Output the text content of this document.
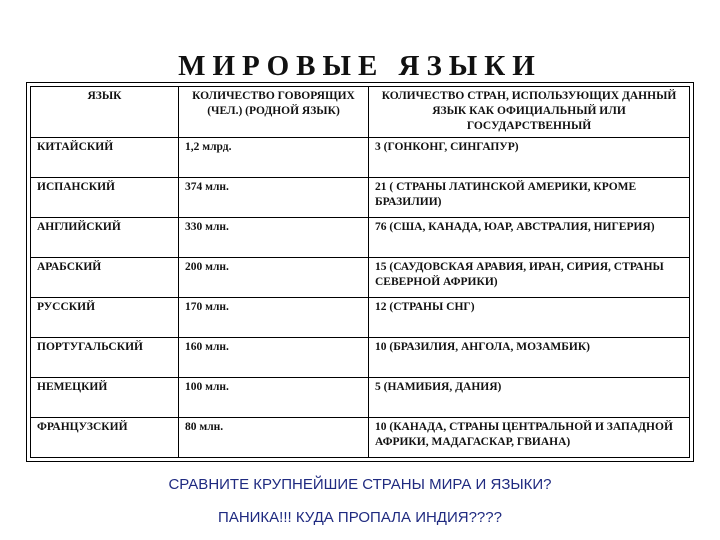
МИРОВЫЕ ЯЗЫКИ
ЯЗЫК	КОЛИЧЕСТВО ГОВОРЯЩИХ (ЧЕЛ.) (РОДНОЙ ЯЗЫК)	КОЛИЧЕСТВО СТРАН, ИСПОЛЬЗУЮЩИХ ДАННЫЙ ЯЗЫК КАК ОФИЦИАЛЬНЫЙ ИЛИ ГОСУДАРСТВЕННЫЙ
КИТАЙСКИЙ	1,2 млрд.	3 (ГОНКОНГ, СИНГАПУР)
ИСПАНСКИЙ	374 млн.	21 ( СТРАНЫ ЛАТИНСКОЙ АМЕРИКИ, КРОМЕ БРАЗИЛИИ)
АНГЛИЙСКИЙ	330 млн.	76 (США, КАНАДА, ЮАР, АВСТРАЛИЯ, НИГЕРИЯ)
АРАБСКИЙ	200 млн.	15 (САУДОВСКАЯ АРАВИЯ, ИРАН, СИРИЯ, СТРАНЫ СЕВЕРНОЙ АФРИКИ)
РУССКИЙ	170 млн.	12 (СТРАНЫ СНГ)
ПОРТУГАЛЬСКИЙ	160 млн.	10 (БРАЗИЛИЯ, АНГОЛА, МОЗАМБИК)
НЕМЕЦКИЙ	100 млн.	5 (НАМИБИЯ, ДАНИЯ)
ФРАНЦУЗСКИЙ	80 млн.	10 (КАНАДА, СТРАНЫ ЦЕНТРАЛЬНОЙ И ЗАПАДНОЙ АФРИКИ, МАДАГАСКАР, ГВИАНА)
СРАВНИТЕ КРУПНЕЙШИЕ СТРАНЫ МИРА И ЯЗЫКИ?
ПАНИКА!!! КУДА ПРОПАЛА ИНДИЯ????
